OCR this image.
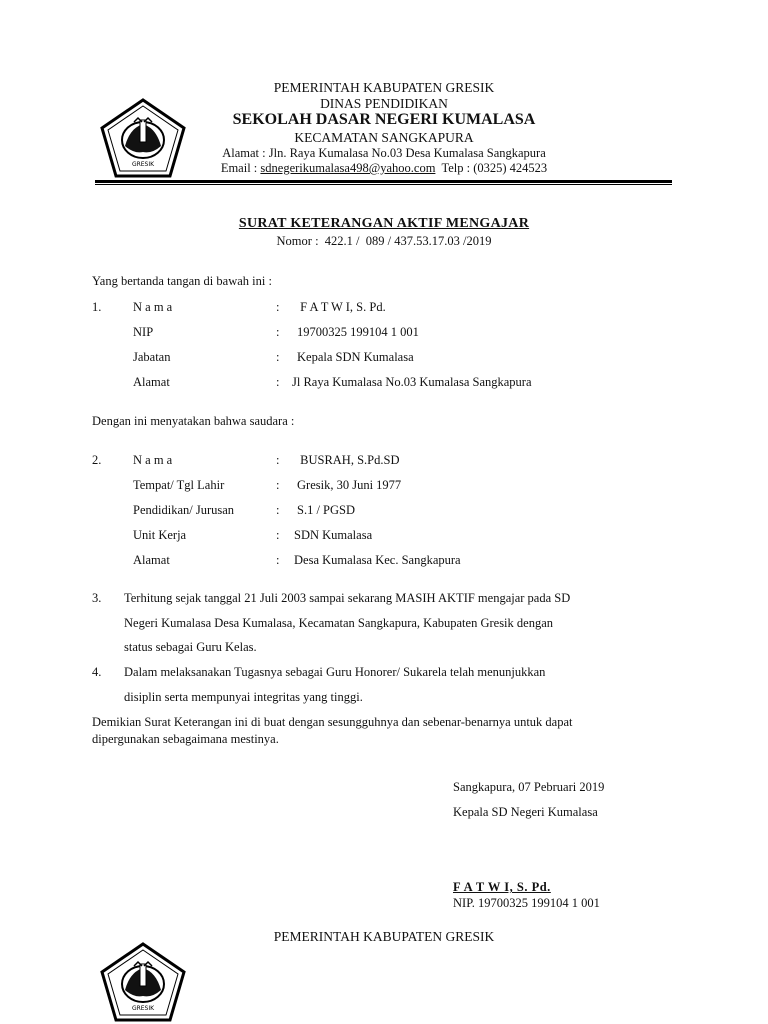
GRESIK
PEMERINTAH KABUPATEN GRESIK
DINAS PENDIDIKAN
SEKOLAH DASAR NEGERI KUMALASA
KECAMATAN SANGKAPURA
Alamat : Jln. Raya Kumalasa No.03 Desa Kumalasa Sangkapura
Email : sdnegerikumalasa498@yahoo.com  Telp : (0325) 424523
SURAT KETERANGAN AKTIF MENGAJAR
Nomor :  422.1 /  089 / 437.53.17.03 /2019
Yang bertanda tangan di bawah ini :
1.	N a m a	: F A T W I, S. Pd.
NIP	: 19700325 199104 1 001
Jabatan	: Kepala SDN Kumalasa
Alamat	: Jl Raya Kumalasa No.03 Kumalasa Sangkapura
Dengan ini menyatakan bahwa saudara :
2.	N a m a	: BUSRAH, S.Pd.SD
Tempat/ Tgl Lahir	: Gresik, 30 Juni 1977
Pendidikan/ Jurusan	: S.1 / PGSD
Unit Kerja	: SDN Kumalasa
Alamat	: Desa Kumalasa Kec. Sangkapura
3. Terhitung sejak tanggal 21 Juli 2003 sampai sekarang MASIH AKTIF mengajar pada SD
Negeri Kumalasa Desa Kumalasa, Kecamatan Sangkapura, Kabupaten Gresik dengan
status sebagai Guru Kelas.
4. Dalam melaksanakan Tugasnya sebagai Guru Honorer/ Sukarela telah menunjukkan
disiplin serta mempunyai integritas yang tinggi.
Demikian Surat Keterangan ini di buat dengan sesungguhnya dan sebenar-benarnya untuk dapat
dipergunakan sebagaimana mestinya.
Sangkapura, 07 Pebruari 2019
Kepala SD Negeri Kumalasa
F A T W I, S. Pd.
NIP. 19700325 199104 1 001
PEMERINTAH KABUPATEN GRESIK
GRESIK
